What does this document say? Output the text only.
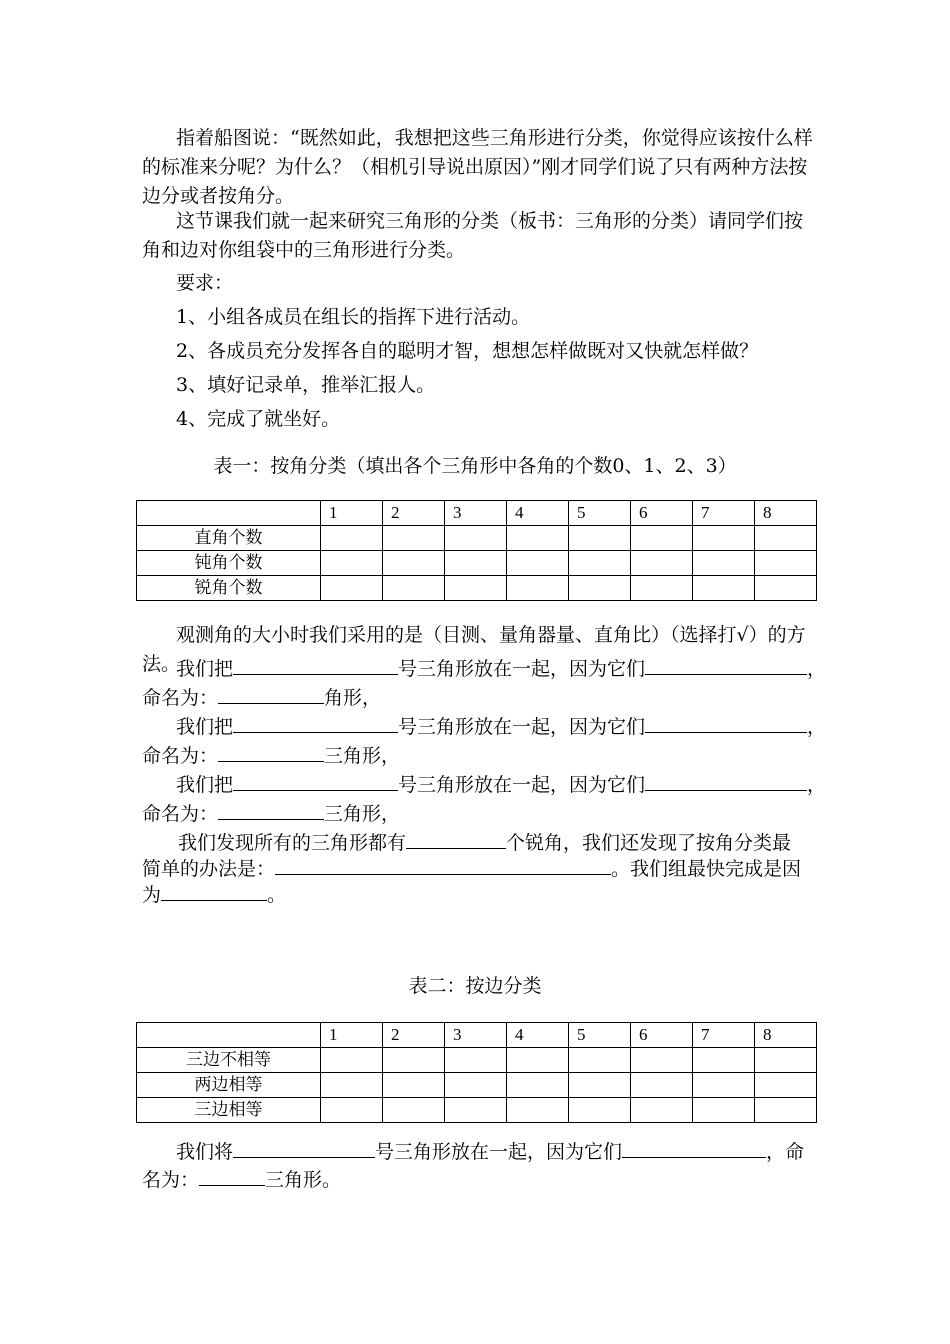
指着船图说：“既然如此，我想把这些三角形进行分类，你觉得应该按什么样的标准来分呢？为什么？（相机引导说出原因）”刚才同学们说了只有两种方法按边分或者按角分。

这节课我们就一起来研究三角形的分类（板书：三角形的分类）请同学们按角和边对你组袋中的三角形进行分类。

要求：

1、小组各成员在组长的指挥下进行活动。

2、各成员充分发挥各自的聪明才智，想想怎样做既对又快就怎样做？

3、填好记录单，推举汇报人。

4、完成了就坐好。

表一：按角分类（填出各个三角形中各角的个数0、1、2、3）

	1	2	3	4	5	6	7	8
直角个数								
钝角个数								
锐角个数								

观测角的大小时我们采用的是（目测、量角器量、直角比）（选择打√）的方法。

我们把	号三角形放在一起，因为它们	，

命名为：	角形，

我们把	号三角形放在一起，因为它们	，

命名为：	三角形，

我们把	号三角形放在一起，因为它们	，

命名为：	三角形，

我们发现所有的三角形都有	个锐角，我们还发现了按角分类最

简单的办法是：	。我们组最快完成是因

为	。

表二：按边分类

	1	2	3	4	5	6	7	8
三边不相等								
两边相等								
三边相等								

我们将	号三角形放在一起，因为它们	，命

名为：	三角形。
